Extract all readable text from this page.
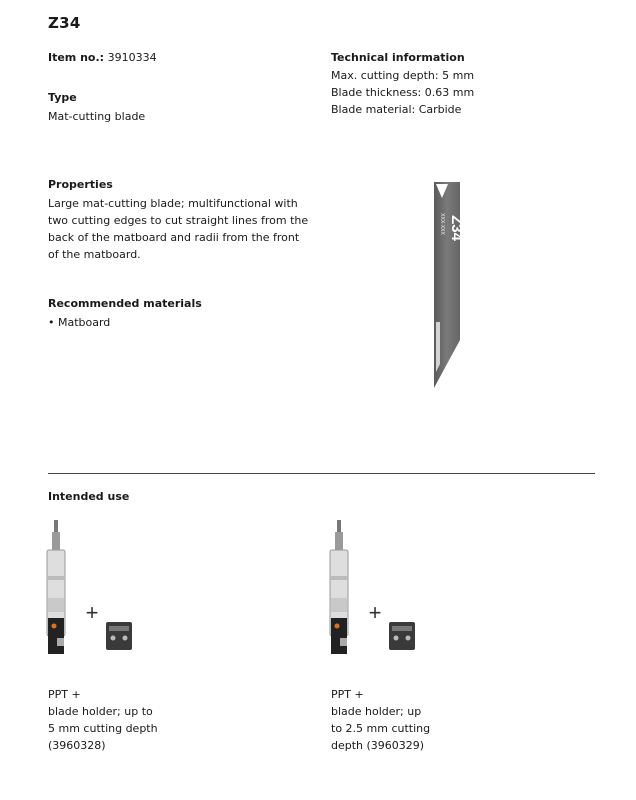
Z34
Item no.: 3910334
Type
Mat-cutting blade
Technical information
Max. cutting depth: 5 mm
Blade thickness: 0.63 mm
Blade material: Carbide
Properties
Large mat-cutting blade; multifunctional with two cutting edges to cut straight lines from the back of the matboard and radii from the front of the matboard.
Recommended materials
• Matboard
Z34
XXX-XXX
Intended use
+	+
PPT +
blade holder; up to
5 mm cutting depth
(3960328)
PPT +
blade holder; up
to 2.5 mm cutting
depth (3960329)
